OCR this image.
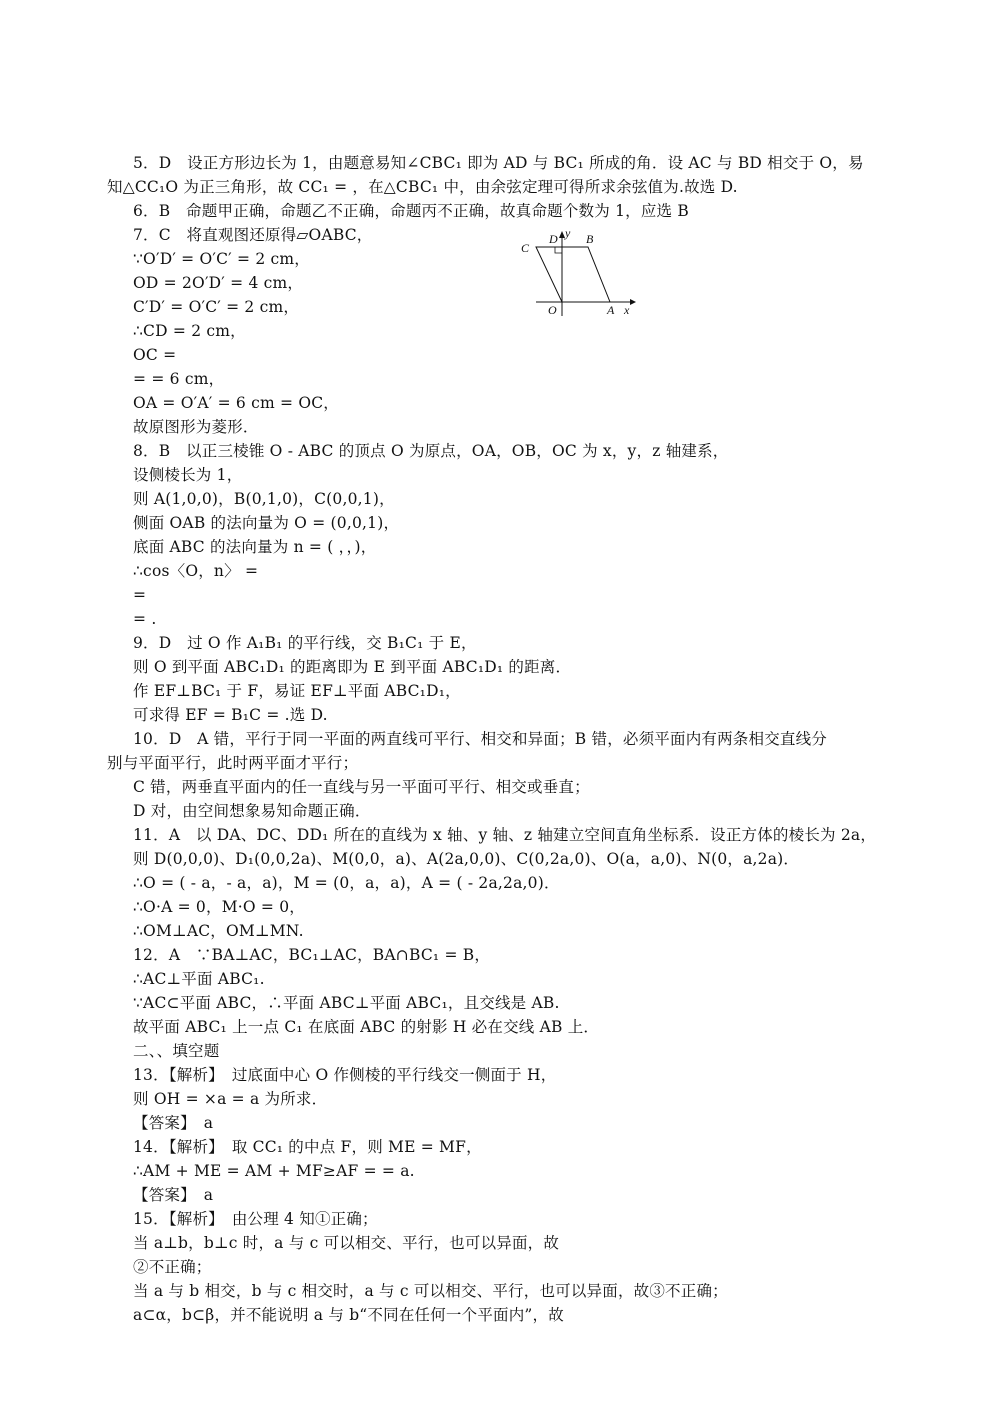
5．D　设正方形边长为 1，由题意易知∠CBC₁ 即为 AD 与 BC₁ 所成的角．设 AC 与 BD 相交于 O，易
知△CC₁O 为正三角形，故 CC₁ = ，在△CBC₁ 中，由余弦定理可得所求余弦值为.故选 D.
6．B　命题甲正确，命题乙不正确，命题丙不正确，故真命题个数为 1，应选 B
7．C　将直观图还原得▱OABC，
∵O′D′ = O′C′ = 2 cm，
OD = 2O′D′ = 4 cm，
C′D′ = O′C′ = 2 cm，
∴CD = 2 cm，
OC =
= = 6 cm，
OA = O′A′ = 6 cm = OC，
故原图形为菱形．
8．B　以正三棱锥 O - ABC 的顶点 O 为原点，OA，OB，OC 为 x，y，z 轴建系，
设侧棱长为 1，
则 A(1,0,0)，B(0,1,0)，C(0,0,1)，
侧面 OAB 的法向量为 O = (0,0,1)，
底面 ABC 的法向量为 n = ( ，，)，
∴cos〈O，n〉 =
=
= .
9．D　过 O 作 A₁B₁ 的平行线，交 B₁C₁ 于 E，
则 O 到平面 ABC₁D₁ 的距离即为 E 到平面 ABC₁D₁ 的距离．
作 EF⊥BC₁ 于 F，易证 EF⊥平面 ABC₁D₁，
可求得 EF = B₁C = .选 D.
10．D　A 错，平行于同一平面的两直线可平行、相交和异面；B 错，必须平面内有两条相交直线分
别与平面平行，此时两平面才平行；
C 错，两垂直平面内的任一直线与另一平面可平行、相交或垂直；
D 对，由空间想象易知命题正确．
11．A　以 DA、DC、DD₁ 所在的直线为 x 轴、y 轴、z 轴建立空间直角坐标系．设正方体的棱长为 2a，
则 D(0,0,0)、D₁(0,0,2a)、M(0,0，a)、A(2a,0,0)、C(0,2a,0)、O(a，a,0)、N(0，a,2a)．
∴O = ( - a，- a，a)，M = (0，a，a)，A = ( - 2a,2a,0)．
∴O·A = 0，M·O = 0，
∴OM⊥AC，OM⊥MN.
12．A　∵BA⊥AC，BC₁⊥AC，BA∩BC₁ = B，
∴AC⊥平面 ABC₁.
∵AC⊂平面 ABC，∴平面 ABC⊥平面 ABC₁，且交线是 AB.
故平面 ABC₁ 上一点 C₁ 在底面 ABC 的射影 H 必在交线 AB 上．
二、、填空题
13．【解析】　过底面中心 O 作侧棱的平行线交一侧面于 H，
则 OH = ×a = a 为所求．
【答案】　a
14．【解析】　取 CC₁ 的中点 F，则 ME = MF，
∴AM + ME = AM + MF≥AF = = a.
【答案】　a
15．【解析】　由公理 4 知①正确；
当 a⊥b，b⊥c 时，a 与 c 可以相交、平行，也可以异面，故
②不正确；
当 a 与 b 相交，b 与 c 相交时，a 与 c 可以相交、平行，也可以异面，故③不正确；
a⊂α，b⊂β，并不能说明 a 与 b“不同在任何一个平面内”，故
C
D y B
O	A x
